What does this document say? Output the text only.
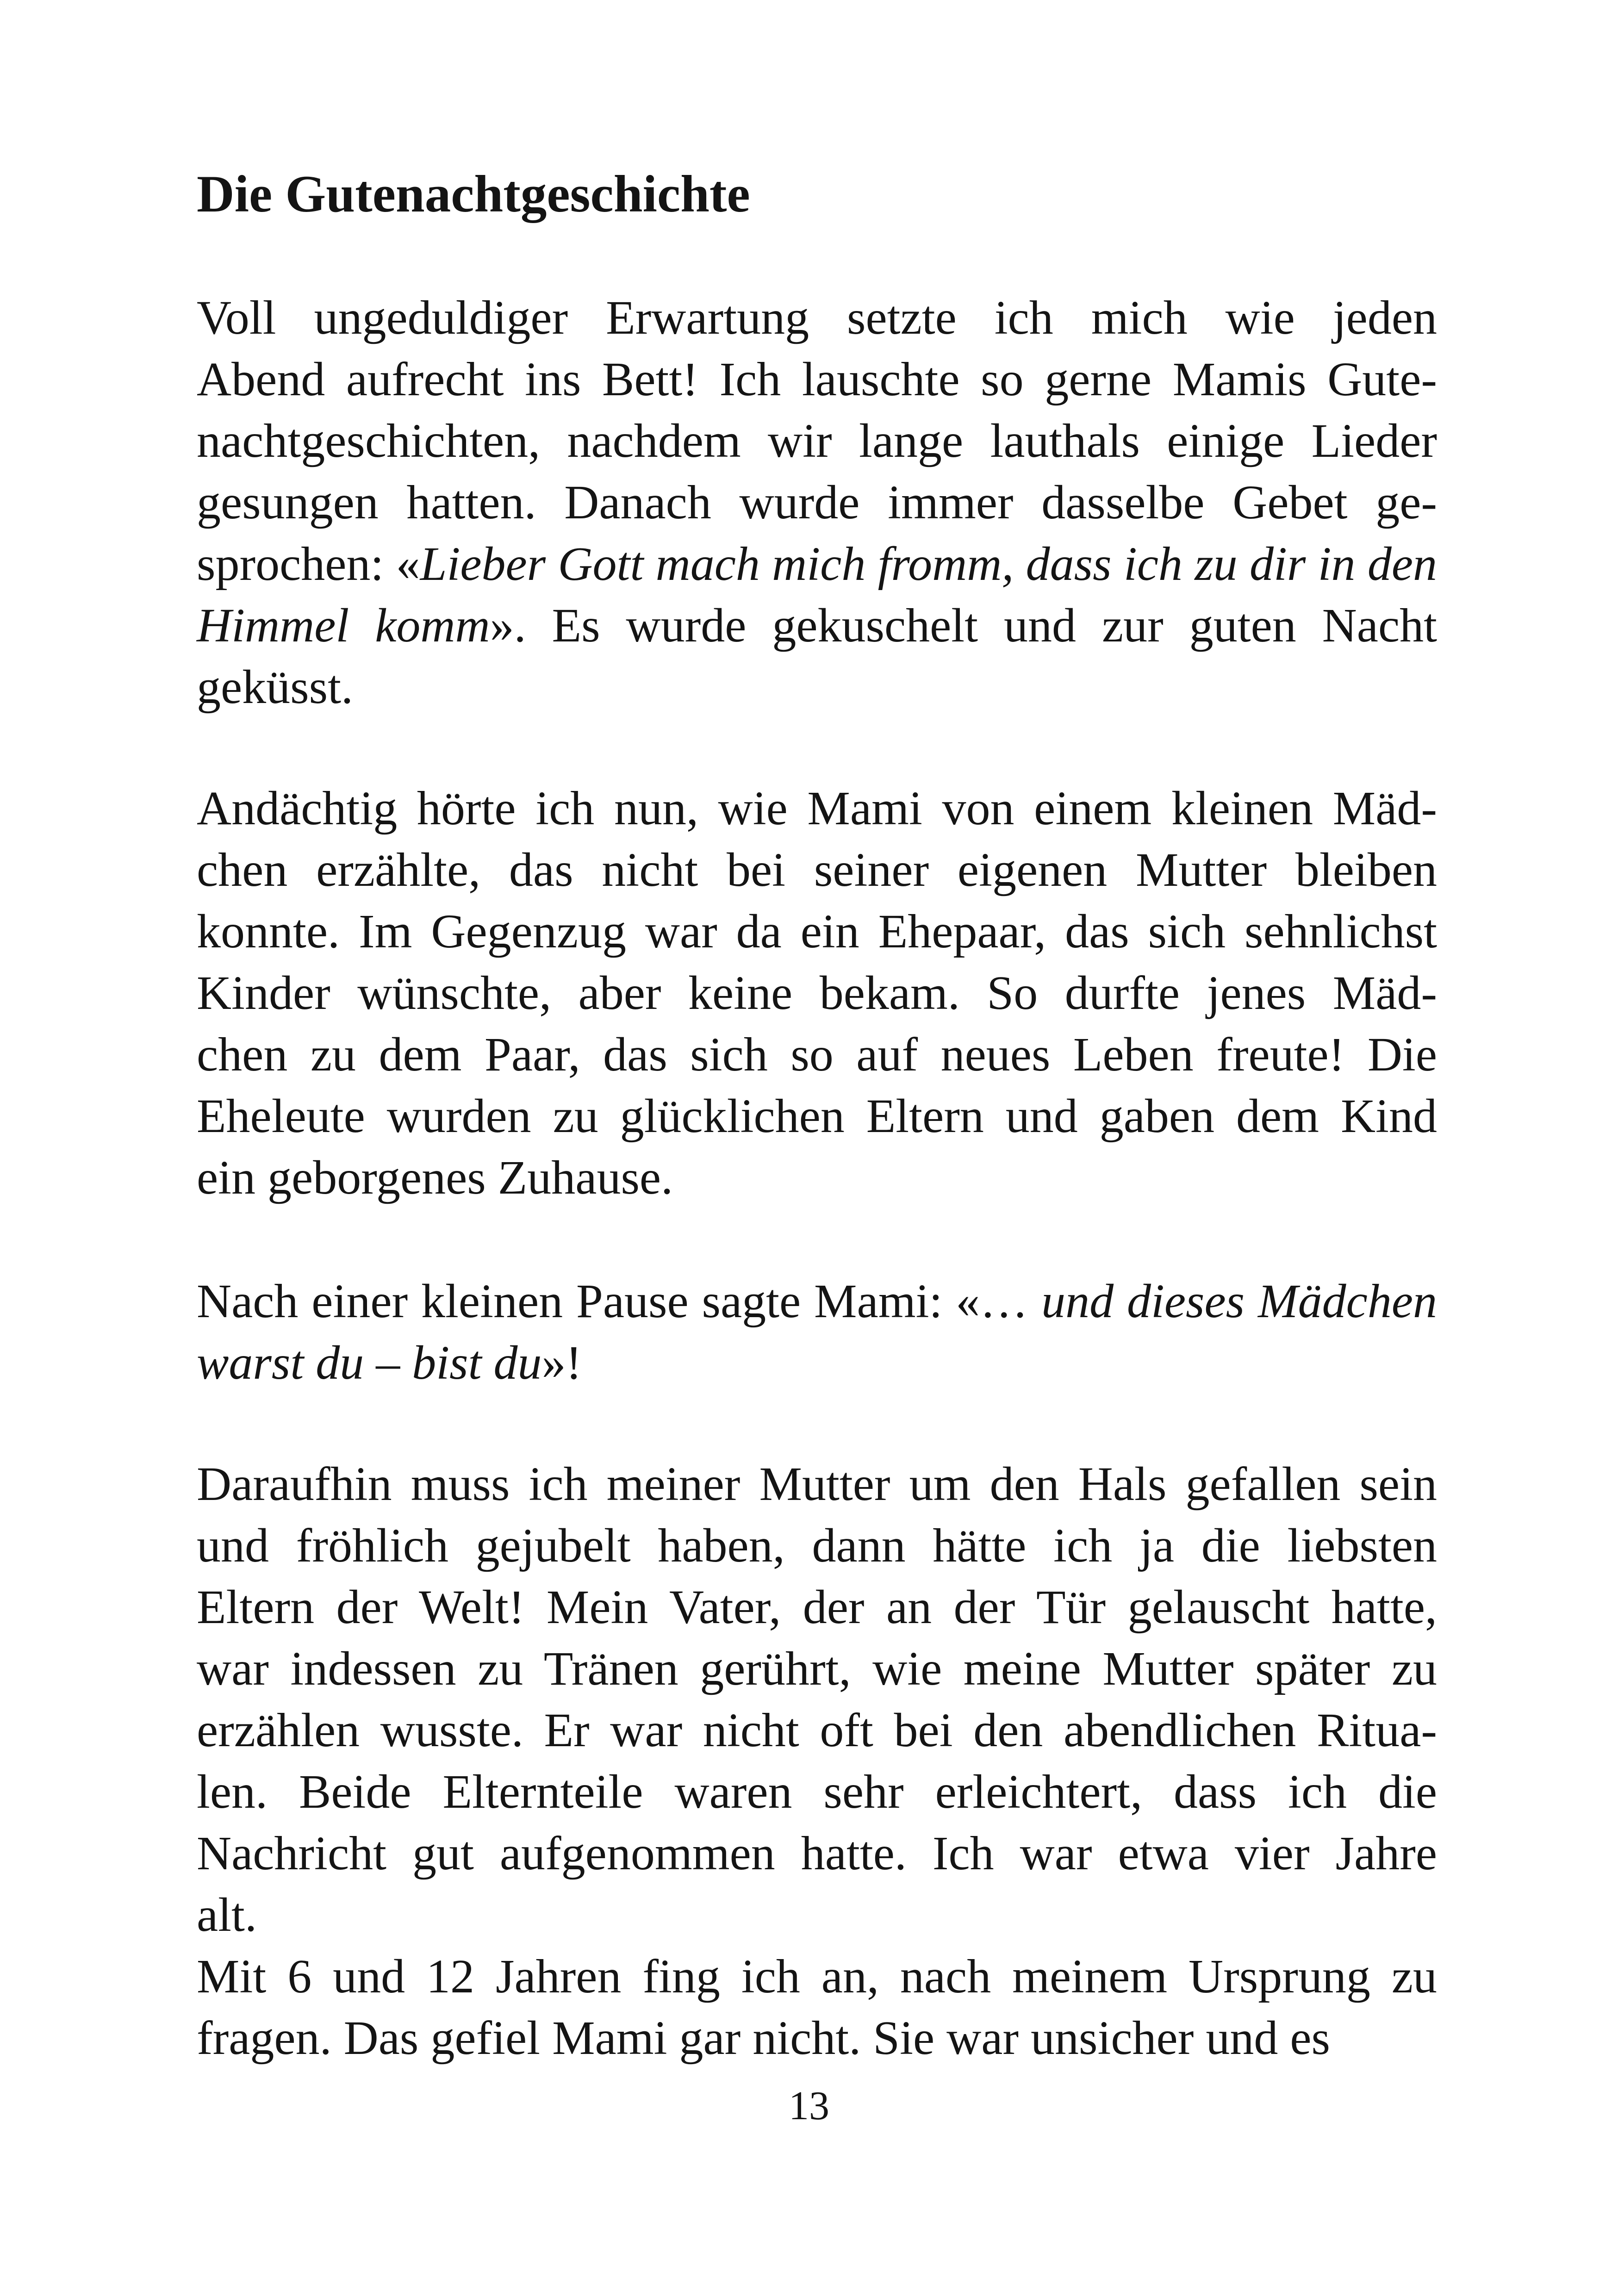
Die Gutenachtgeschichte
Voll ungeduldiger Erwartung setzte ich mich wie jeden
Abend aufrecht ins Bett! Ich lauschte so gerne Mamis Gute-
nachtgeschichten, nachdem wir lange lauthals einige Lieder
gesungen hatten. Danach wurde immer dasselbe Gebet ge-
sprochen: «Lieber Gott mach mich fromm, dass ich zu dir in den
Himmel komm». Es wurde gekuschelt und zur guten Nacht
geküsst.
Andächtig hörte ich nun, wie Mami von einem kleinen Mäd-
chen erzählte, das nicht bei seiner eigenen Mutter bleiben
konnte. Im Gegenzug war da ein Ehepaar, das sich sehnlichst
Kinder wünschte, aber keine bekam. So durfte jenes Mäd-
chen zu dem Paar, das sich so auf neues Leben freute! Die
Eheleute wurden zu glücklichen Eltern und gaben dem Kind
ein geborgenes Zuhause.
Nach einer kleinen Pause sagte Mami: «… und dieses Mädchen
warst du – bist du»!
Daraufhin muss ich meiner Mutter um den Hals gefallen sein
und fröhlich gejubelt haben, dann hätte ich ja die liebsten
Eltern der Welt! Mein Vater, der an der Tür gelauscht hatte,
war indessen zu Tränen gerührt, wie meine Mutter später zu
erzählen wusste. Er war nicht oft bei den abendlichen Ritua-
len. Beide Elternteile waren sehr erleichtert, dass ich die
Nachricht gut aufgenommen hatte. Ich war etwa vier Jahre
alt.
Mit 6 und 12 Jahren fing ich an, nach meinem Ursprung zu
fragen. Das gefiel Mami gar nicht. Sie war unsicher und es

13
